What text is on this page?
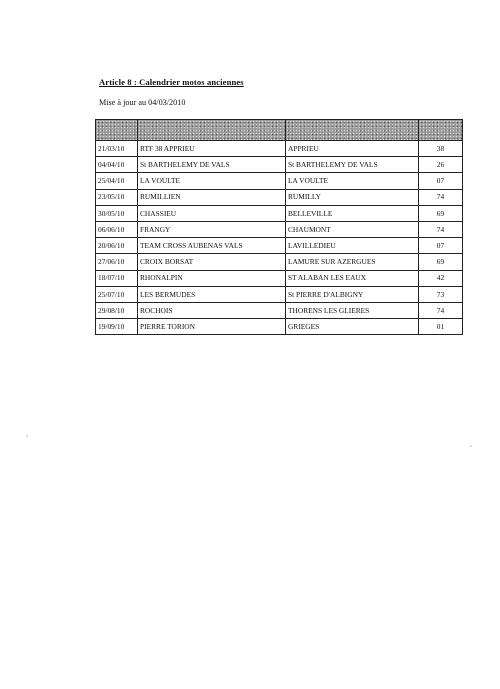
Article 8 : Calendrier motos anciennes
Mise à jour au 04/03/2010

21/03/10	RTF 38 APPRIEU	APPRIEU	38
04/04/10	St BARTHELEMY DE VALS	St BARTHELEMY DE VALS	26
25/04/10	LA VOULTE	LA VOULTE	07
23/05/10	RUMILLIEN	RUMILLY	74
30/05/10	CHASSIEU	BELLEVILLE	69
06/06/10	FRANGY	CHAUMONT	74
20/06/10	TEAM CROSS AUBENAS VALS	LAVILLEDIEU	07
27/06/10	CROIX BORSAT	LAMURE SUR AZERGUES	69
18/07/10	RHONALPIN	ST ALABAN LES EAUX	42
25/07/10	LES BERMUDES	St PIERRE D'ALBIGNY	73
29/08/10	ROCHOIS	THORENS LES GLIERES	74
19/09/10	PIERRE TORION	GRIEGES	01
